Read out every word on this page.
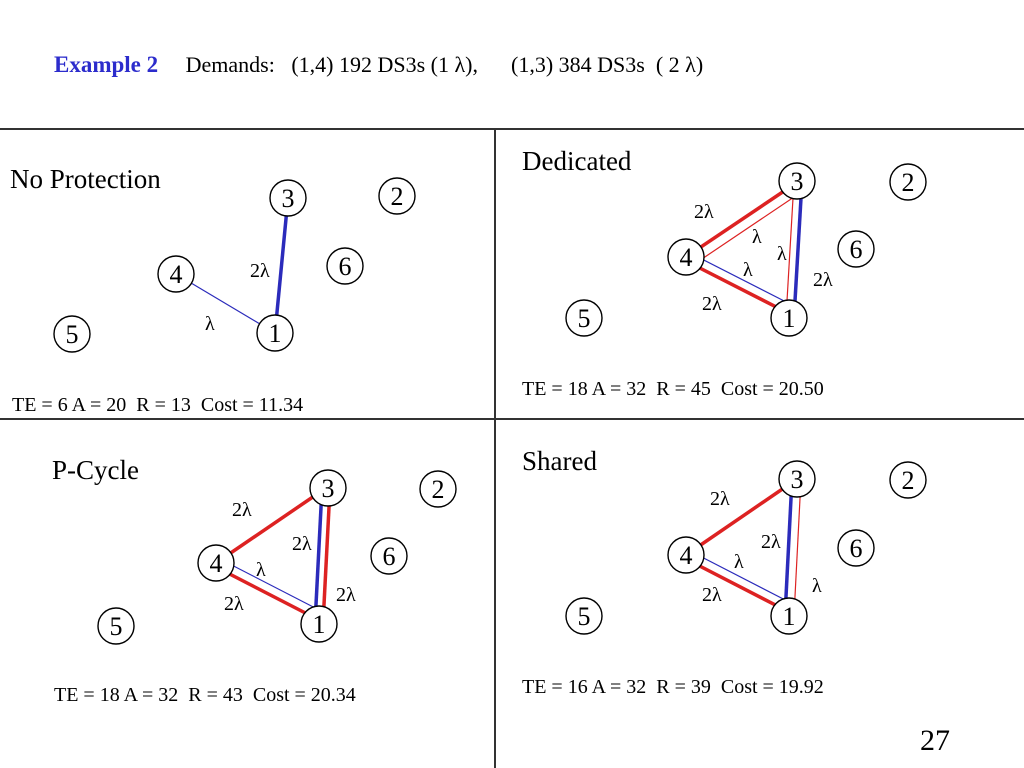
Example 2 Demands:   (1,4) 192 DS3s (1 λ),      (1,3) 384 DS3s  ( 2 λ)
No Protection
Dedicated
P-Cycle	Shared
TE = 6 A = 20  R = 13  Cost = 11.34
TE = 18 A = 32  R = 45  Cost = 20.50
TE = 18 A = 32  R = 43  Cost = 20.34	TE = 16 A = 32  R = 39  Cost = 19.92
27
2λ
λ
3	2
4	6
5	1
2λ
λ
λ
λ	2λ
2λ
3	2
4	6
5	1
2λ
2λ
λ
2λ
2λ
3	2
4	6
5	1
2λ
2λ
λ
λ
2λ
3	2
4	6
5	1
